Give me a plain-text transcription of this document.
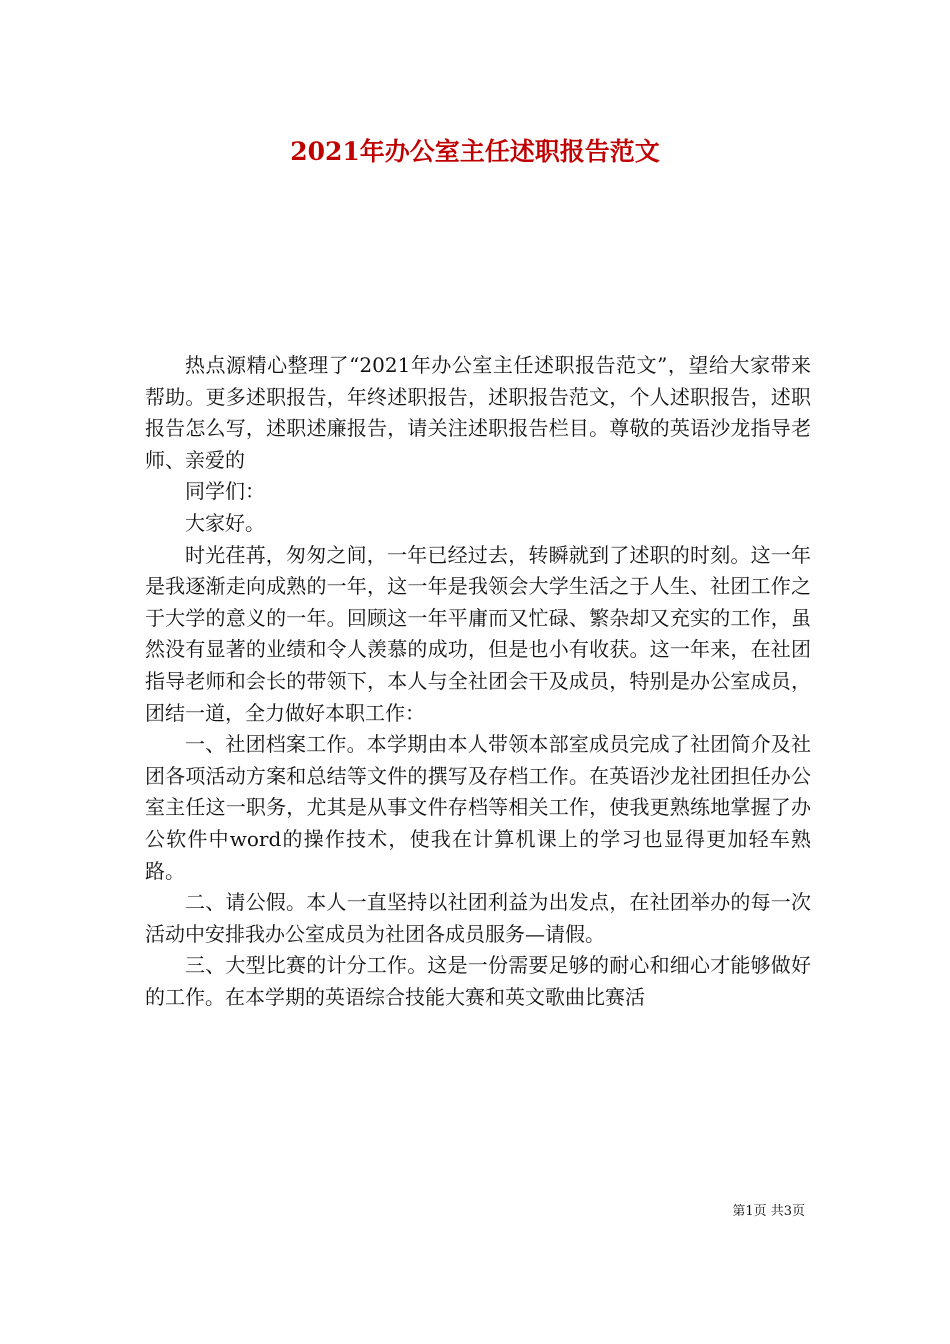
2021年办公室主任述职报告范文

热点源精心整理了“2021年办公室主任述职报告范文”，望给大家带来帮助。更多述职报告，年终述职报告，述职报告范文，个人述职报告，述职报告怎么写，述职述廉报告，请关注述职报告栏目。尊敬的英语沙龙指导老师、亲爱的

同学们：

大家好。

时光荏苒，匆匆之间，一年已经过去，转瞬就到了述职的时刻。这一年是我逐渐走向成熟的一年，这一年是我领会大学生活之于人生、社团工作之于大学的意义的一年。回顾这一年平庸而又忙碌、繁杂却又充实的工作，虽然没有显著的业绩和令人羡慕的成功，但是也小有收获。这一年来，在社团指导老师和会长的带领下，本人与全社团会干及成员，特别是办公室成员，团结一道，全力做好本职工作：

一、社团档案工作。本学期由本人带领本部室成员完成了社团简介及社团各项活动方案和总结等文件的撰写及存档工作。在英语沙龙社团担任办公室主任这一职务，尤其是从事文件存档等相关工作，使我更熟练地掌握了办公软件中word的操作技术，使我在计算机课上的学习也显得更加轻车熟路。

二、请公假。本人一直坚持以社团利益为出发点，在社团举办的每一次活动中安排我办公室成员为社团各成员服务—请假。

三、大型比赛的计分工作。这是一份需要足够的耐心和细心才能够做好的工作。在本学期的英语综合技能大赛和英文歌曲比赛活

第1页 共3页
